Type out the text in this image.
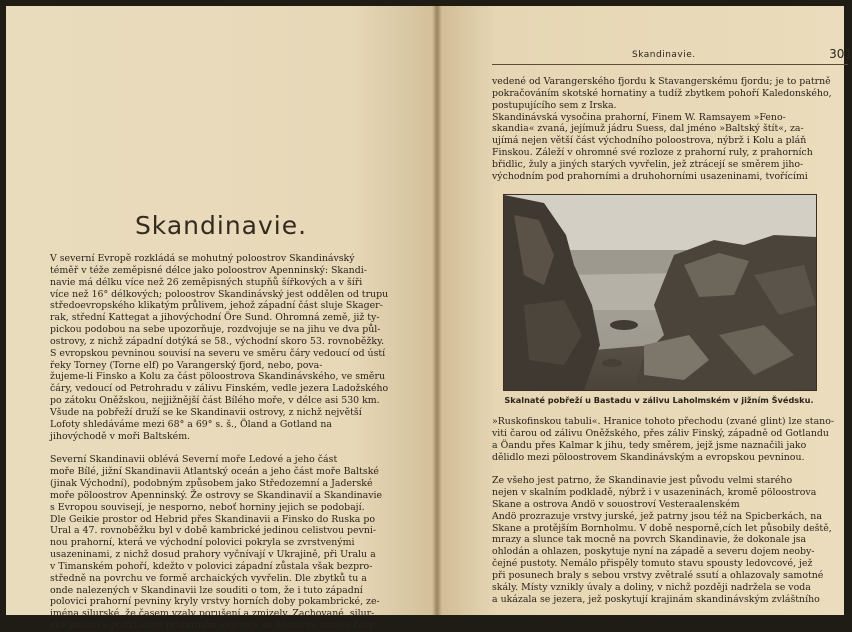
Skandinavie.
V severní Evropě rozkládá se mohutný poloostrov Skandinávský
téměř v téže zeměpisné délce jako poloostrov Apenninský: Skandi-
navie má délku více než 26 zeměpisných stupňů šířkových a v šíři
více než 16° délkových; poloostrov Skandinávský jest oddělen od trupu
středoevropského klikatým průlivem, jehož západní část sluje Skager-
rak, střední Kattegat a jihovýchodní Öre Sund. Ohromná země, již ty-
pickou podobou na sebe upozorňuje, rozdvojuje se na jihu ve dva půl-
ostrovy, z nichž západní dotýká se 58., východní skoro 53. rovnoběžky.
S evropskou pevninou souvisí na severu ve směru čáry vedoucí od ústí
řeky Torney (Torne elf) po Varangerský fjord, nebo, pova-
žujeme-li Finsko a Kolu za část pöloostrova Skandinávského, ve směru
čáry, vedoucí od Petrohradu v zálivu Finském, vedle jezera Ladožského
po zátoku Oněžskou, nejjižnější část Bílého moře, v délce asi 530 km.
Všude na pobřeží druží se ke Skandinavii ostrovy, z nichž největší
Lofoty shledáváme mezi 68° a 69° s. š., Öland a Gotland na
jihovýchodě v moři Baltském.
Severní Skandinavii oblévá Severní moře Ledové a jeho část
moře Bílé, jižní Skandinavii Atlantský oceán a jeho část moře Baltské
(jinak Východní), podobným způsobem jako Středozemní a Jaderské
moře pöloostrov Apenninský. Že ostrovy se Skandinavií a Skandinavie
s Evropou souvisejí, je nesporno, neboť horniny jejich se podobají.
Dle Geikie prostor od Hebrid přes Skandinavii a Finsko do Ruska po
Ural a 47. rovnoběžku byl v době kambrické jedinou celistvou pevni-
nou prahorní, která ve východní polovici pokryla se zvrstvenými
usazeninami, z nichž dosud prahory vyčnívají v Ukrajině, při Uralu a
v Timanském pohoří, kdežto v polovici západní zůstala však bezpro-
středně na povrchu ve formě archaických vyvřelin. Dle zbytků tu a
onde nalezených v Skandinavii lze souditi o tom, že i tuto západní
polovici prahorní pevniny kryly vrstvy horních doby pokambrické, ze-
jména silurské, že časem vzaly porušení a zmizely. Zachované, silur-
ské pohoří s podkladem prahorním objevuje se dosud ve směru čáry
Skandinavie.	301
vedené od Varangerského fjordu k Stavangerskému fjordu; je to patrně
pokračováním skotské hornatiny a tudíž zbytkem pohoří Kaledonského,
postupujícího sem z Irska.
Skandinávská vysočina prahorní, Finem W. Ramsayem »Feno-
skandia« zvaná, jejímuž jádru Suess, dal jméno »Baltský štít«, za-
ujímá nejen větší část východního poloostrova, nýbrž i Kolu a pláň
Finskou. Záleží v ohromné své rozloze z prahorní ruly, z prahorních
břidlic, žuly a jiných starých vyvřelin, jež ztrácejí se směrem jiho-
východním pod prahorními a druhohorními usazeninami, tvořícími
Skalnaté pobřeží u Bastadu v zálivu Laholmském v jižním Švédsku.
»Ruskofinskou tabuli«. Hranice tohoto přechodu (zvané glint) lze stano-
viti čarou od zálivu Oněžského, přes záliv Finský, západně od Gotlandu
a Öandu přes Kalmar k jihu, tedy směrem, jejž jsme naznačili jako
dělidlo mezi pöloostrovem Skandinávským a evropskou pevninou.
Ze všeho jest patrno, že Skandinavie jest původu velmi starého
nejen v skalním podkladě, nýbrž i v usazeninách, kromě pöloostrova
Skane a ostrova Andö v souostroví Vesteraalenském
Andö prozrazuje vrstvy jurské, jež patrny jsou též na Spicberkách, na
Skane a protějším Bornholmu. V době nesporně,cích let působily deště,
mrazy a slunce tak mocně na povrch Skandinavie, že dokonale jsa
ohlodán a ohlazen, poskytuje nyní na západě a severu dojem neoby-
čejné pustoty. Nemálo přispěly tomuto stavu spousty ledovcové, jež
při posunech braly s sebou vrstvy zvětralé ssutí a ohlazovaly samotné
skály. Místy vznikly úvaly a doliny, v nichž později nadržela se voda
a ukázala se jezera, jež poskytují krajinám skandinávským zvláštního
